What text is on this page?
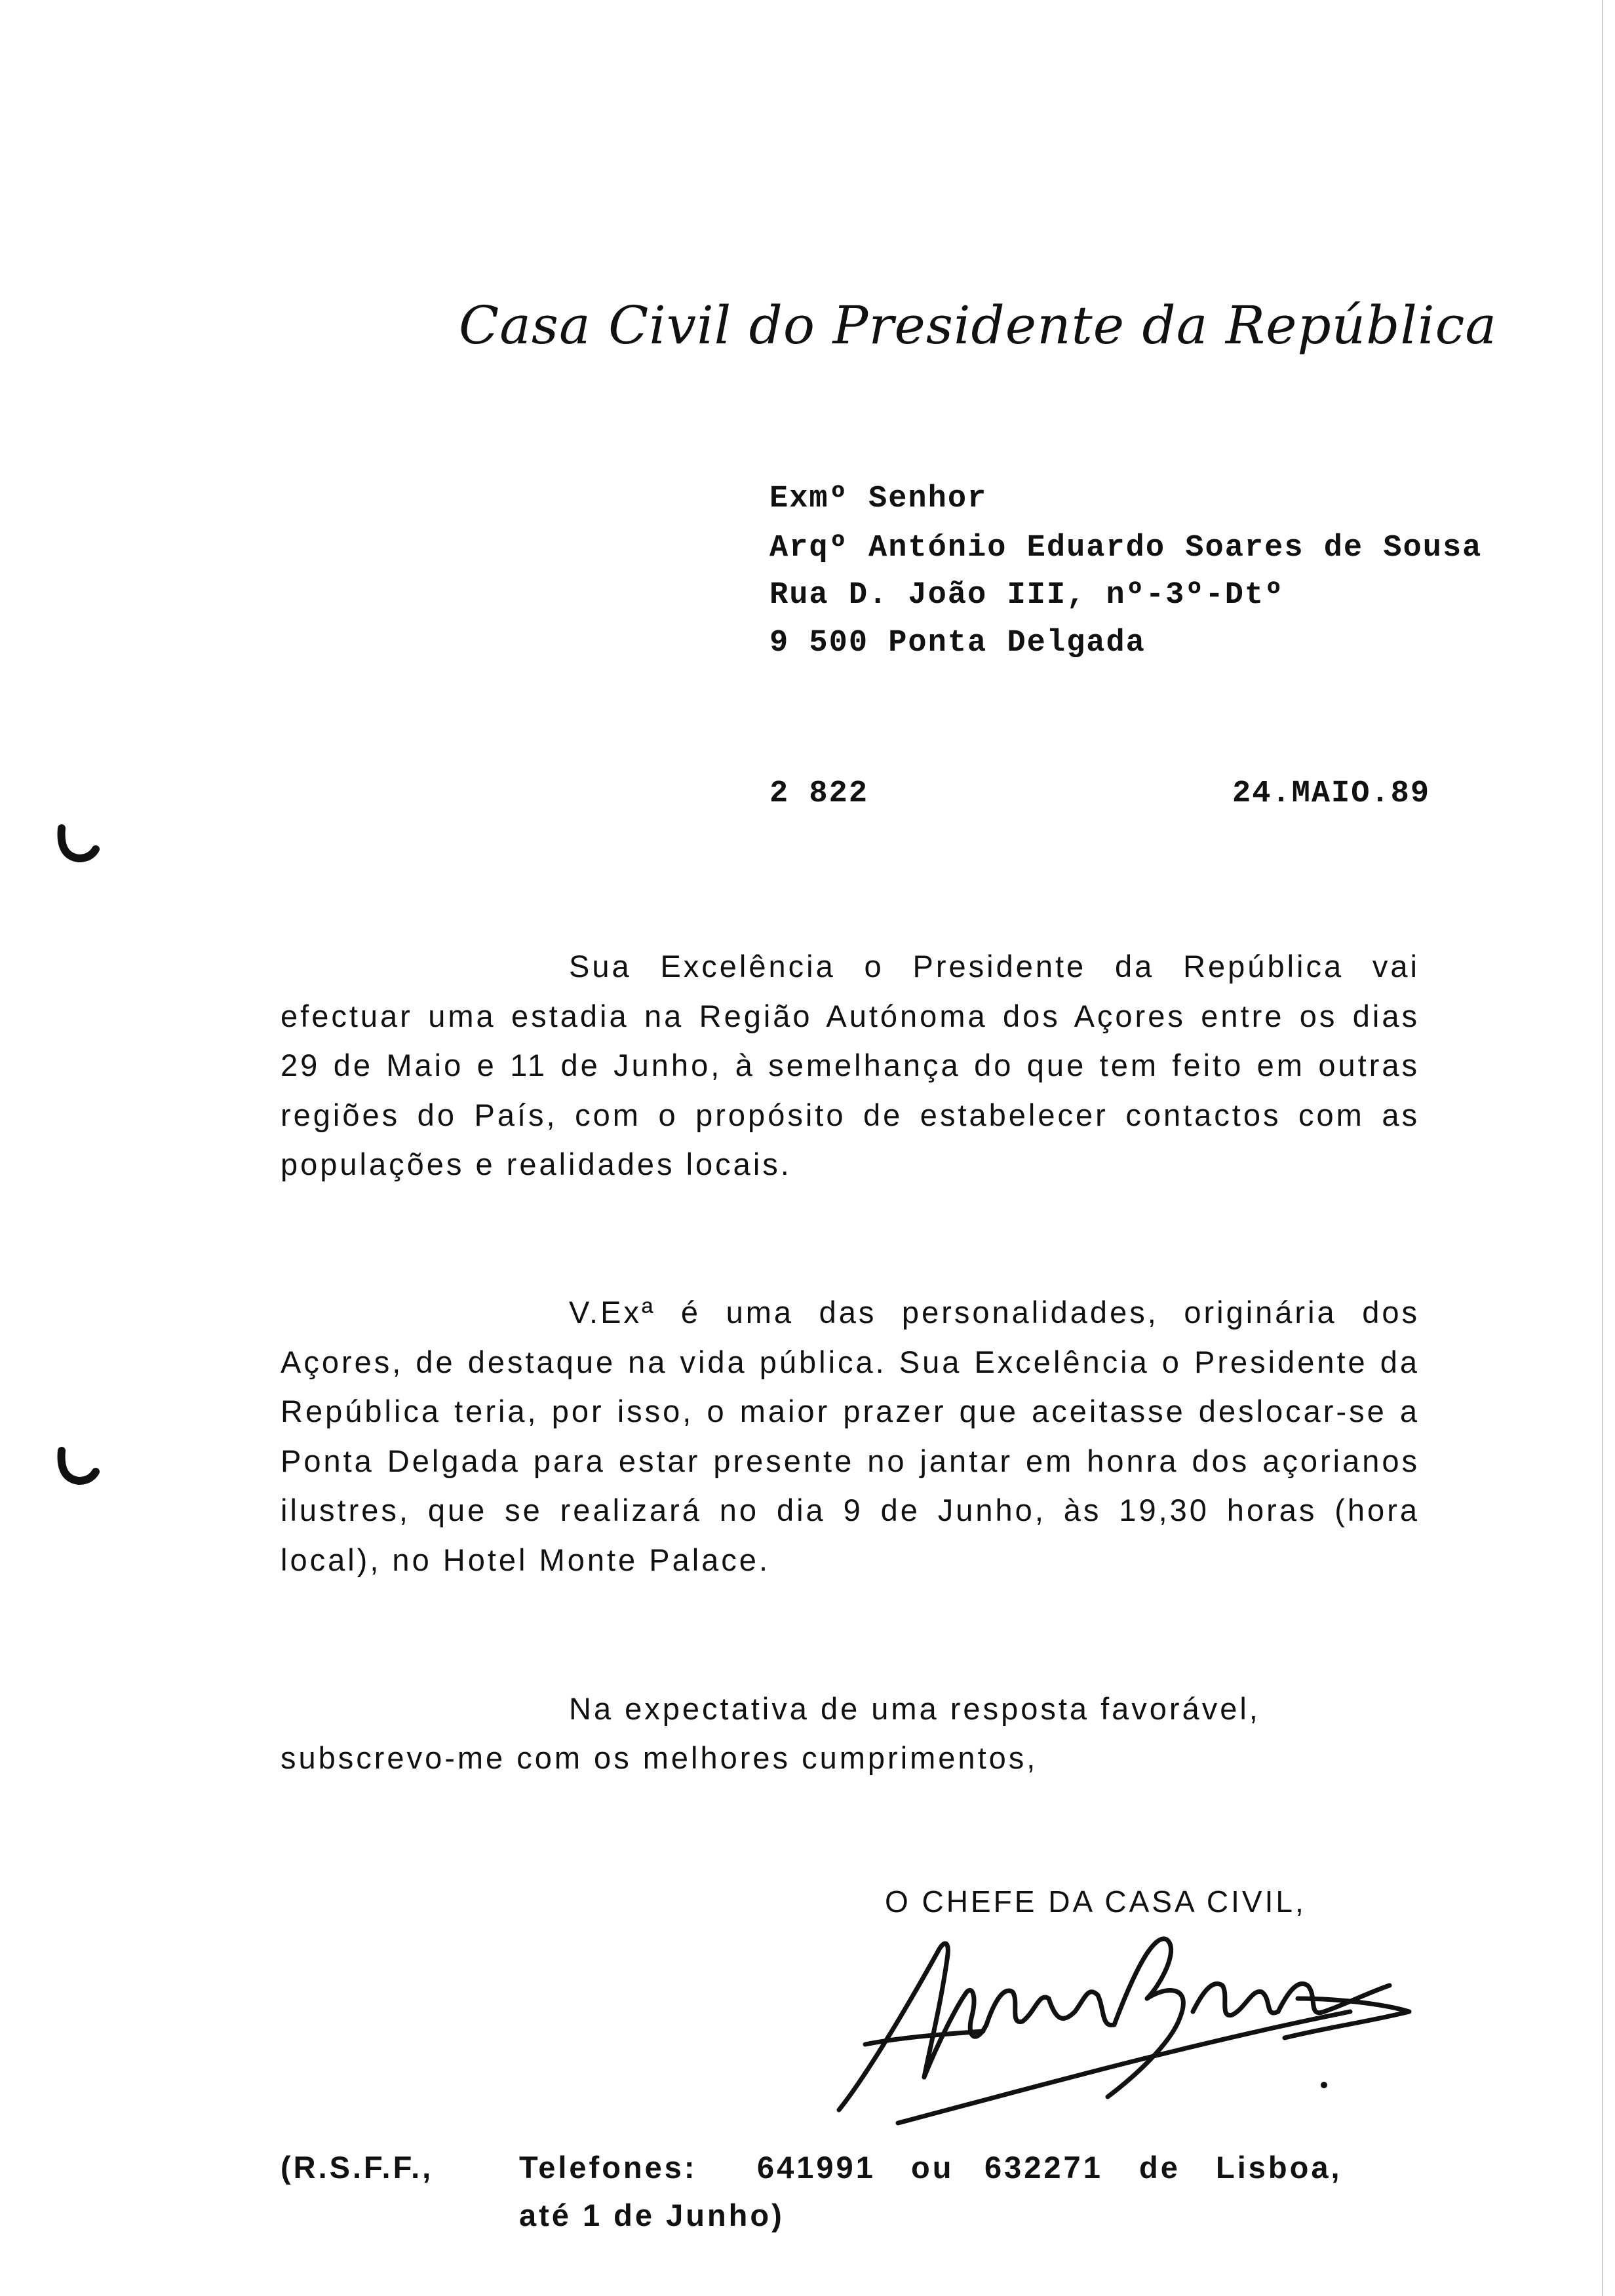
Casa Civil do Presidente da República
Exmº Senhor
Arqº António Eduardo Soares de Sousa
Rua D. João III, nº-3º-Dtº
9 500 Ponta Delgada
2 822	24.MAIO.89
Sua Excelência o Presidente da República vai efectuar uma estadia na Região Autónoma dos Açores entre os dias 29 de Maio e 11 de Junho, à semelhança do que tem feito em outras regiões do País, com o propósito de estabelecer contactos com as populações e realidades locais.
V.Exª é uma das personalidades, originária dos Açores, de destaque na vida pública. Sua Excelência o Presidente da República teria, por isso, o maior prazer que aceitasse deslocar-se a Ponta Delgada para estar presente no jantar em honra dos açorianos ilustres, que se realizará no dia 9 de Junho, às 19,30 horas (hora local), no Hotel Monte Palace.
Na expectativa de uma resposta favorável,
subscrevo-me com os melhores cumprimentos,
O CHEFE DA CASA CIVIL,
(R.S.F.F.,	Telefones: 641991 ou 632271 de Lisboa,
até 1 de Junho)
